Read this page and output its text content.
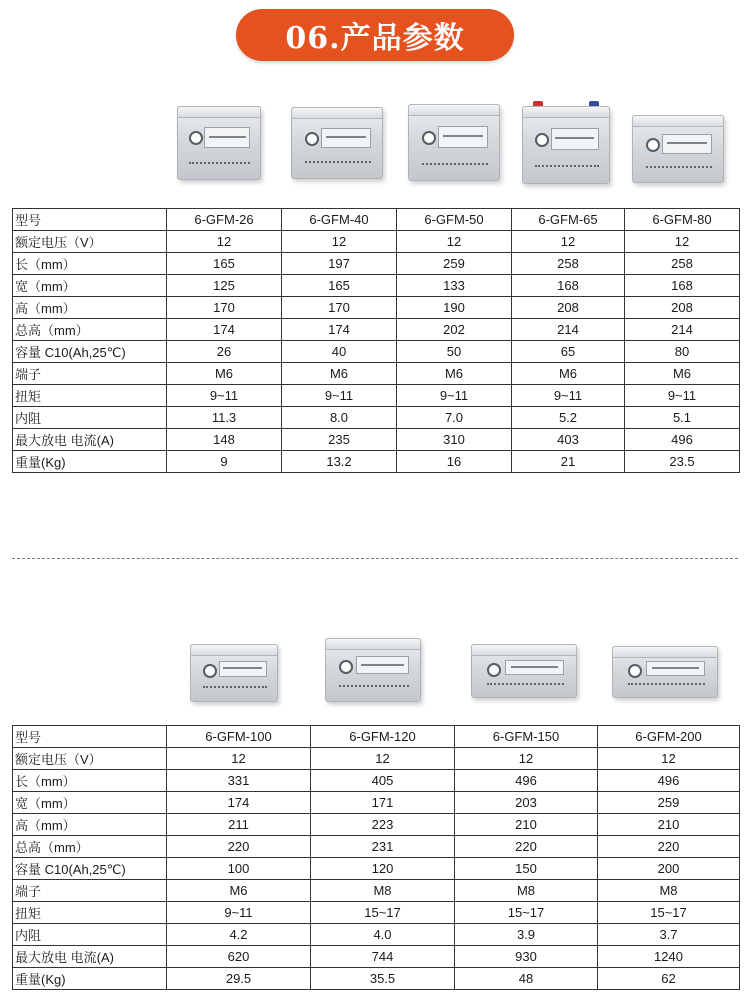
06.产品参数
型号	6-GFM-26	6-GFM-40	6-GFM-50	6-GFM-65	6-GFM-80
额定电压（V）	12	12	12	12	12
长（mm）	165	197	259	258	258
宽（mm）	125	165	133	168	168
高（mm）	170	170	190	208	208
总高（mm）	174	174	202	214	214
容量 C10(Ah,25℃)	26	40	50	65	80
端子	M6	M6	M6	M6	M6
扭矩	9~11	9~11	9~11	9~11	9~11
内阻	11.3	8.0	7.0	5.2	5.1
最大放电 电流(A)	148	235	310	403	496
重量(Kg)	9	13.2	16	21	23.5
型号	6-GFM-100	6-GFM-120	6-GFM-150	6-GFM-200
额定电压（V）	12	12	12	12
长（mm）	331	405	496	496
宽（mm）	174	171	203	259
高（mm）	211	223	210	210
总高（mm）	220	231	220	220
容量 C10(Ah,25℃)	100	120	150	200
端子	M6	M8	M8	M8
扭矩	9~11	15~17	15~17	15~17
内阻	4.2	4.0	3.9	3.7
最大放电 电流(A)	620	744	930	1240
重量(Kg)	29.5	35.5	48	62
